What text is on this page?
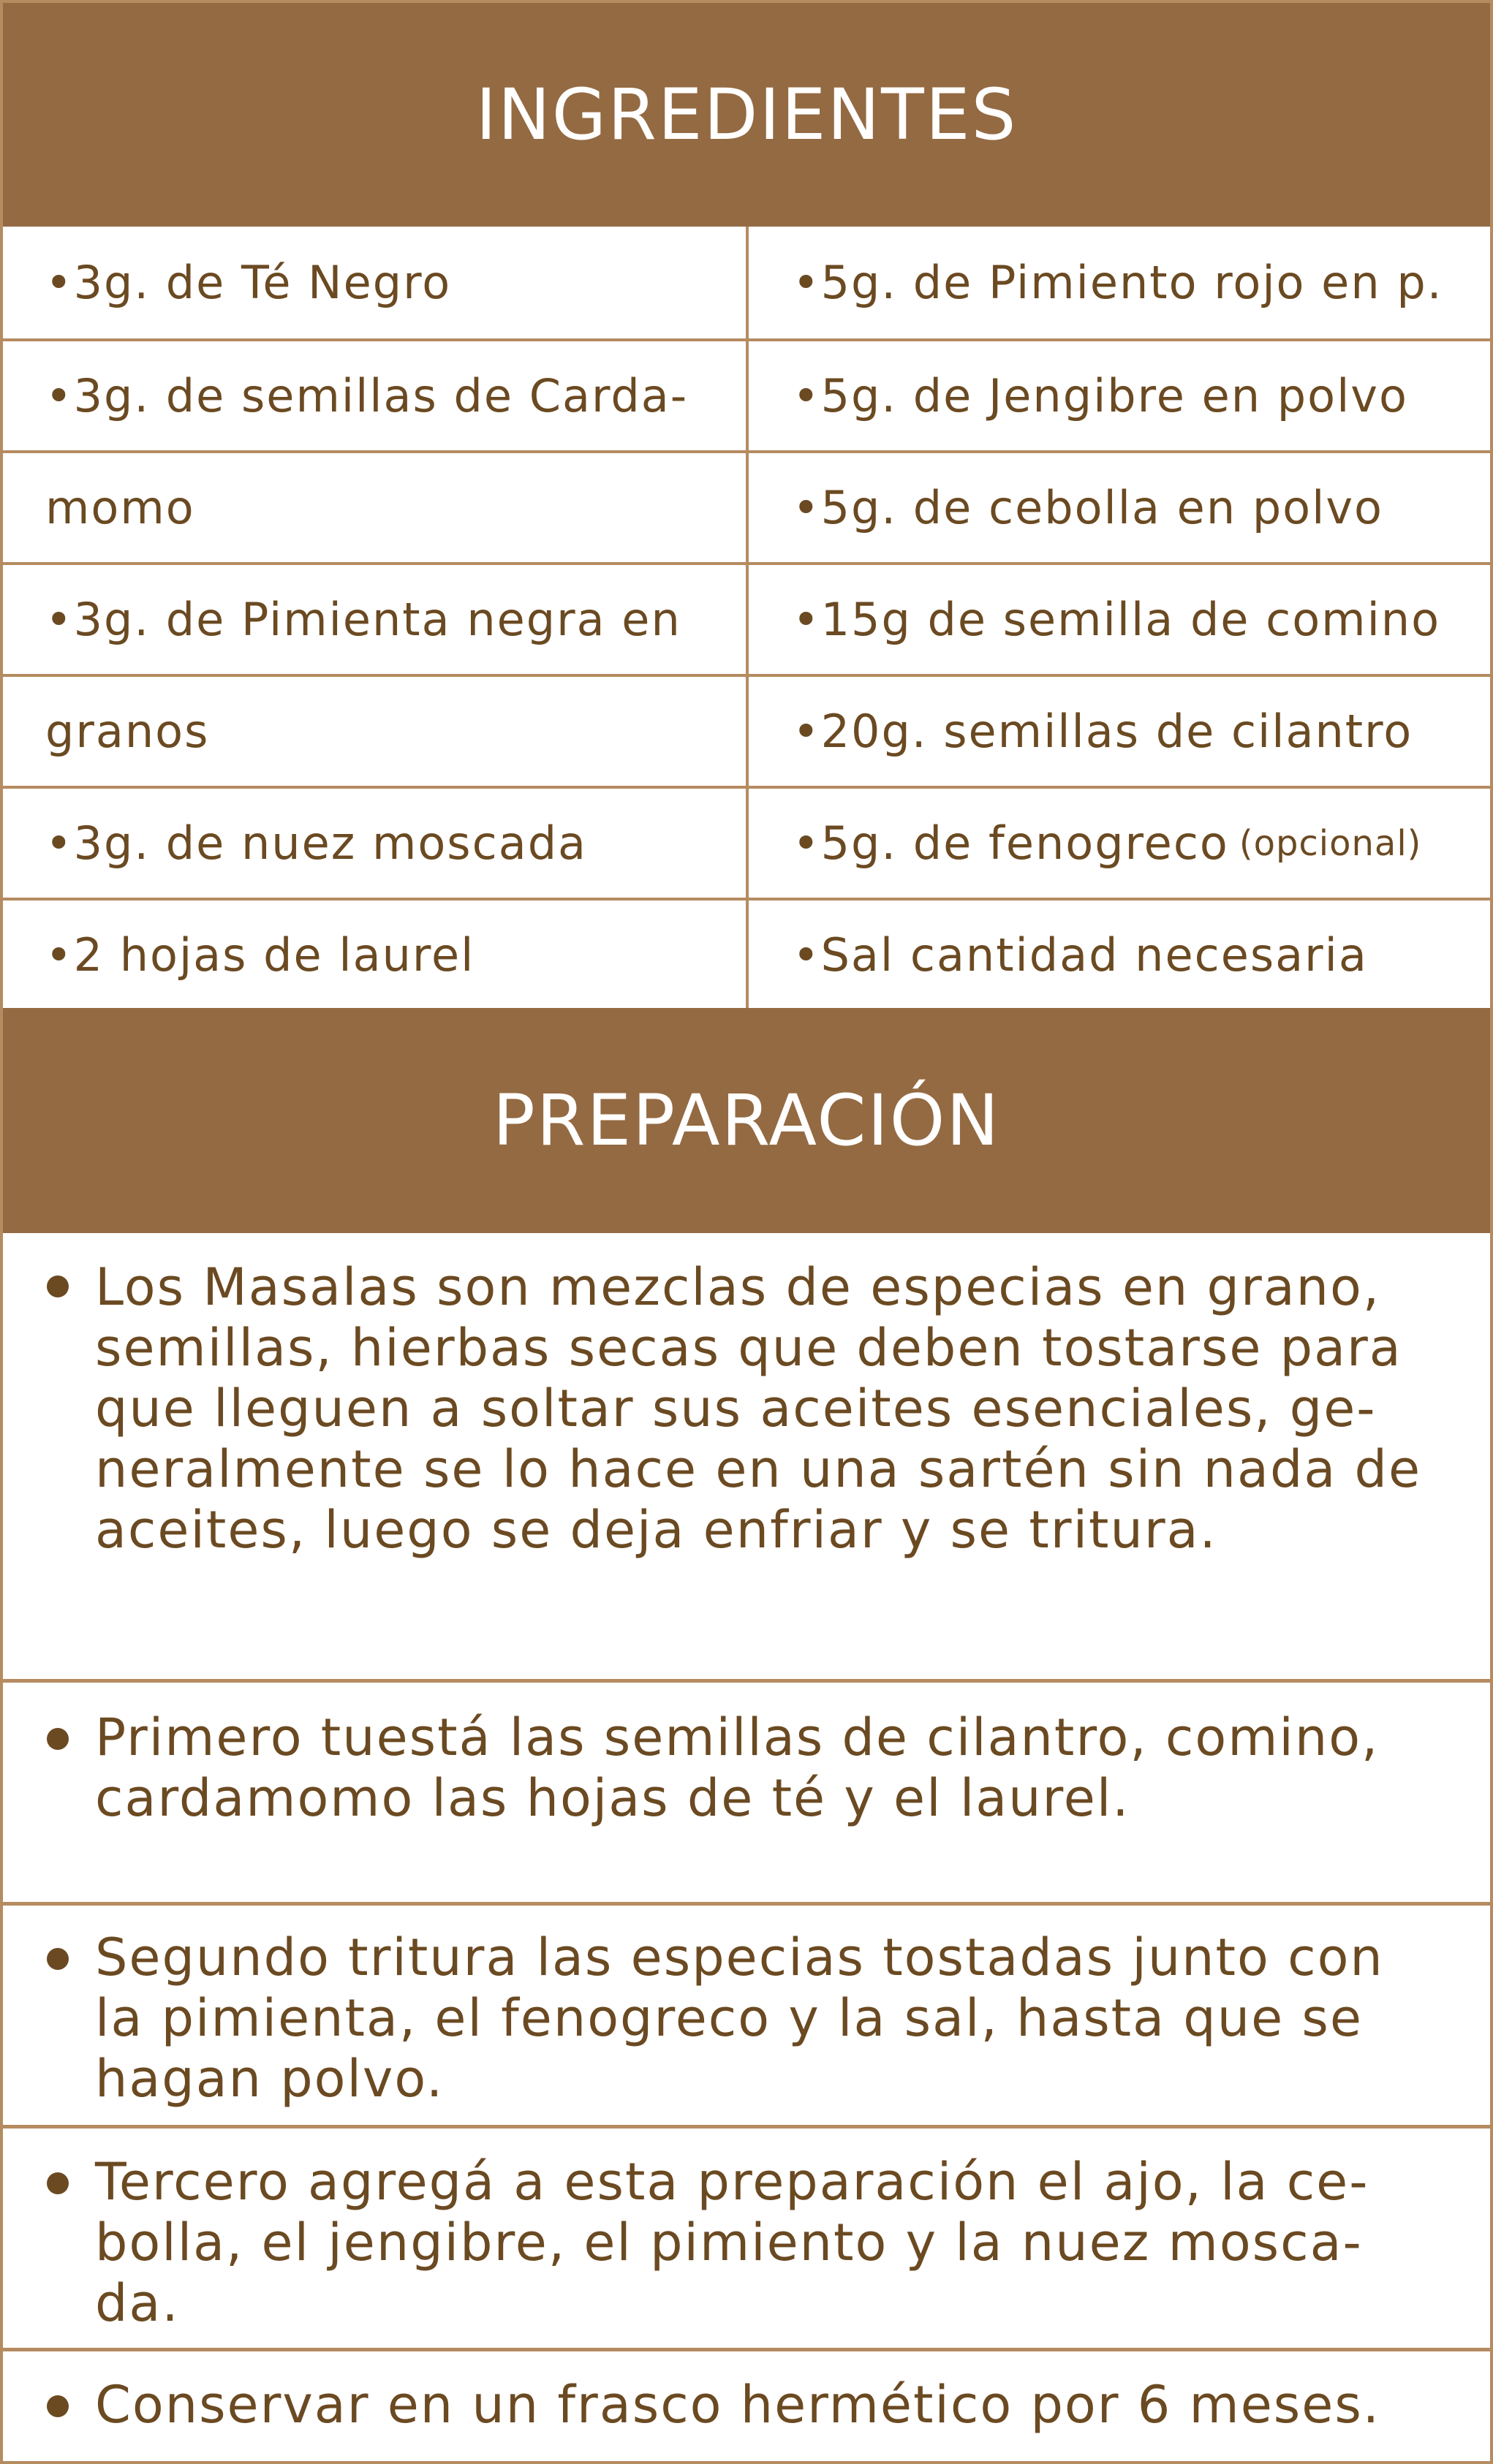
INGREDIENTES
•3g. de Té Negro
•3g. de semillas de Carda-
momo
•3g. de Pimienta negra en
granos
•3g. de nuez moscada
•2 hojas de laurel
•5g. de Pimiento rojo en p.
•5g. de Jengibre en polvo
•5g. de cebolla en polvo
•15g de semilla de comino
•20g. semillas de cilantro
•5g. de fenogreco (opcional)
•Sal cantidad necesaria
PREPARACIÓN
Los Masalas son mezclas de especias en grano, semillas, hierbas secas que deben tostarse para que lleguen a soltar sus aceites esenciales, ge-neralmente se lo hace en una sartén sin nada de aceites, luego se deja enfriar y se tritura.
Primero tuestá las semillas de cilantro, comino, cardamomo las hojas de té y el laurel.
Segundo tritura las especias tostadas junto con la pimienta, el fenogreco y la sal, hasta que se hagan polvo.
Tercero agregá a esta preparación el ajo, la ce-bolla, el jengibre, el pimiento y la nuez mosca-da.
Conservar en un frasco hermético por 6 meses.
